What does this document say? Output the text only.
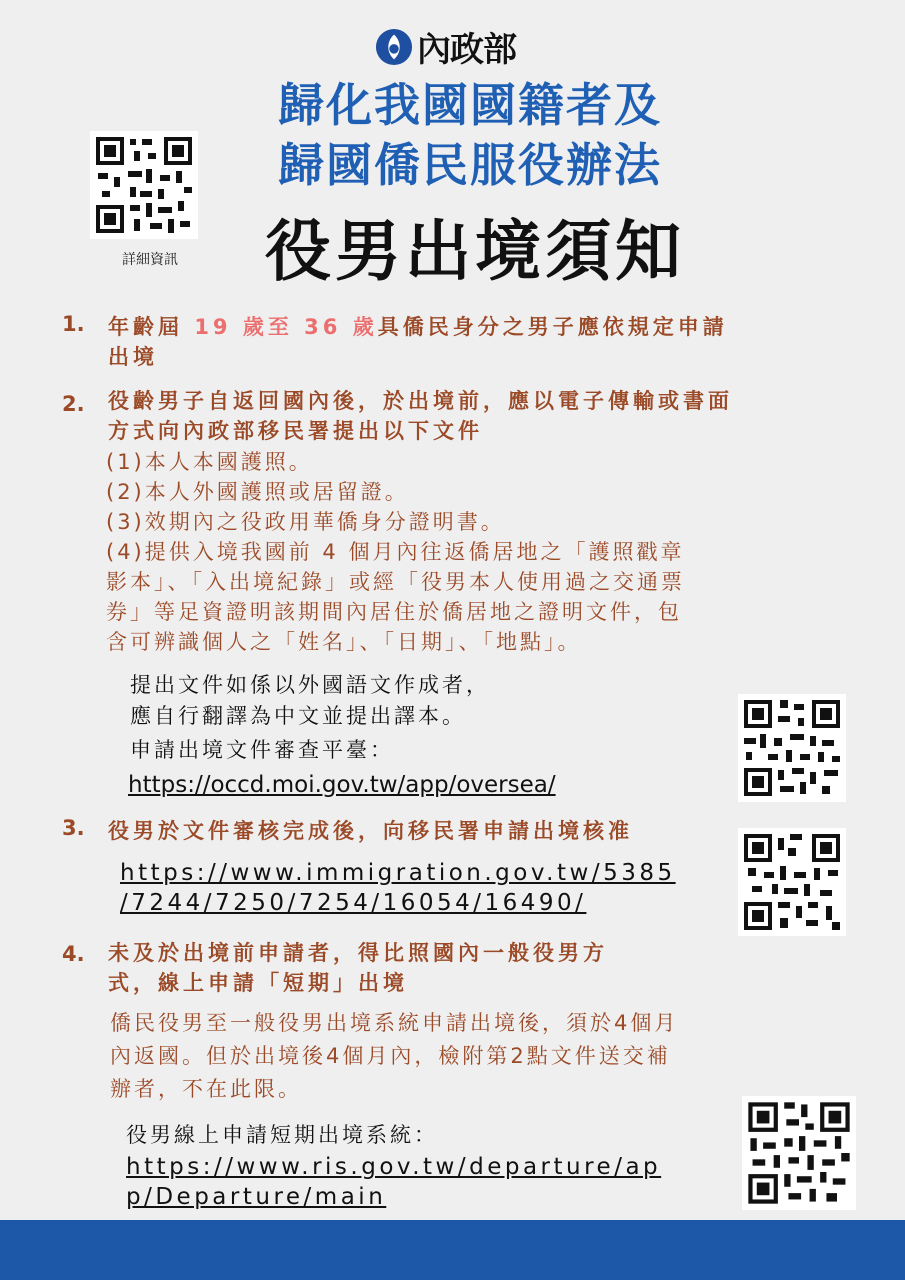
內政部
歸化我國國籍者及
歸國僑民服役辦法
役男出境須知
詳細資訊
1. 年齡屆 19 歲至 36 歲具僑民身分之男子應依規定申請
出境
2. 役齡男子自返回國內後，於出境前，應以電子傳輸或書面
方式向內政部移民署提出以下文件
(1)本人本國護照。
(2)本人外國護照或居留證。
(3)效期內之役政用華僑身分證明書。
(4)提供入境我國前 4 個月內往返僑居地之「護照戳章
影本」、「入出境紀錄」或經「役男本人使用過之交通票
券」等足資證明該期間內居住於僑居地之證明文件，包
含可辨識個人之「姓名」、「日期」、「地點」。
提出文件如係以外國語文作成者，
應自行翻譯為中文並提出譯本。
申請出境文件審查平臺：
https://occd.moi.gov.tw/app/oversea/
3. 役男於文件審核完成後，向移民署申請出境核准
https://www.immigration.gov.tw/5385
/7244/7250/7254/16054/16490/
4. 未及於出境前申請者，得比照國內一般役男方
式，線上申請「短期」出境
僑民役男至一般役男出境系統申請出境後，須於4個月
內返國。但於出境後4個月內，檢附第2點文件送交補
辦者，不在此限。
役男線上申請短期出境系統：
https://www.ris.gov.tw/departure/ap
p/Departure/main
